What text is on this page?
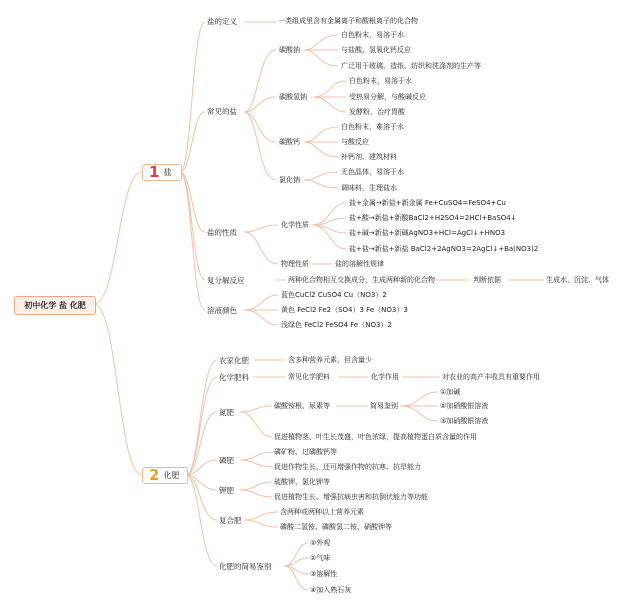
初中化学 盐 化肥
1 盐
盐的定义	一类组成里含有金属离子和酸根离子的化合物
常见的盐
碳酸钠
白色粉末，易溶于水
与盐酸、氢氧化钙反应
广泛用于玻璃、造纸、纺织和洗涤剂的生产等
碳酸氢钠
白色粉末，易溶于水
受热易分解，与酸碱反应
发酵粉、治疗胃酸
碳酸钙
白色粉末，难溶于水
与酸反应
补钙剂、建筑材料
氯化钠
无色晶体，易溶于水
调味料，生理盐水
盐的性质
化学性质
盐+金属→新盐+新金属 Fe+CuSO4=FeSO4+Cu
盐+酸→新盐+新酸BaCl2+H2SO4=2HCl+BaSO4↓
盐+碱→新盐+新碱AgNO3+HCl=AgCl↓+HNO3
盐+盐→新盐+新盐 BaCl2+2AgNO3=2AgCl↓+Ba(NO3)2
物理性质	盐的溶解性规律
复分解反应	两种化合物相互交换成分，生成两种新的化合物	判断依据	生成水、沉淀、气体
溶液颜色
蓝色CuCl2 CuSO4 Cu（NO3）2
黄色 FeCl2 Fe2（SO4）3 Fe（NO3）3
浅绿色 FeCl2 FeSO4 Fe（NO3）2
2 化肥
农家化肥	含多种营养元素，但含量少
化学肥料	常见化学肥料	化学作用	对农业的高产丰收具有重要作用
氮肥
碳酸铵根、尿素等	简易鉴别
①加碱
②加硝酸银溶液
③加硝酸银溶液
促进植物茎、叶生长茂盛，叶色浓绿，提高植物蛋白质含量的作用
磷肥
磷矿粉、过磷酸钙等
促进作物生长，还可增强作物的抗寒、抗旱能力
钾肥
硫酸钾、氯化钾等
促进植物生长、增强抗病虫害和抗倒伏能力等功能
复合肥
含两种或两种以上营养元素
磷酸二氢铵、磷酸氢二铵、硝酸钾等
化肥的简易鉴别
①外观
②气味
③溶解性
④加入熟石灰
